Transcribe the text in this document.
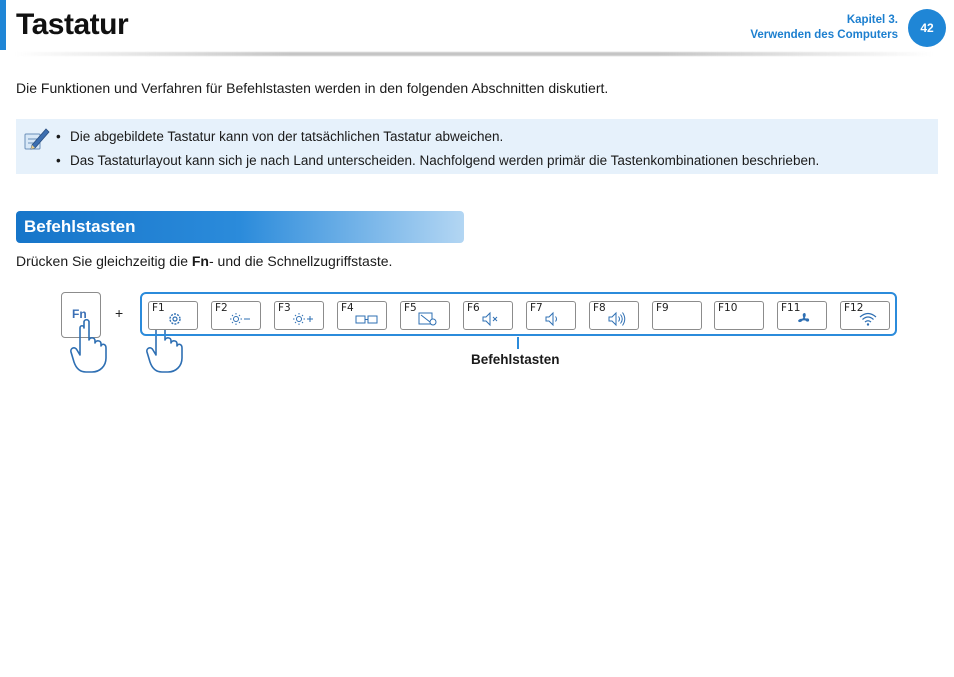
Tastatur	Kapitel 3.
Verwenden des Computers	42
Die Funktionen und Verfahren für Befehlstasten werden in den folgenden Abschnitten diskutiert.
• Die abgebildete Tastatur kann von der tatsächlichen Tastatur abweichen.
• Das Tastaturlayout kann sich je nach Land unterscheiden. Nachfolgend werden primär die Tastenkombinationen beschrieben.
Befehlstasten
Drücken Sie gleichzeitig die Fn- und die Schnellzugriffstaste.
Fn +	F1	F2	F3	F4	F5	F6	F7	F8	F9	F10	F11	F12
Befehlstasten
